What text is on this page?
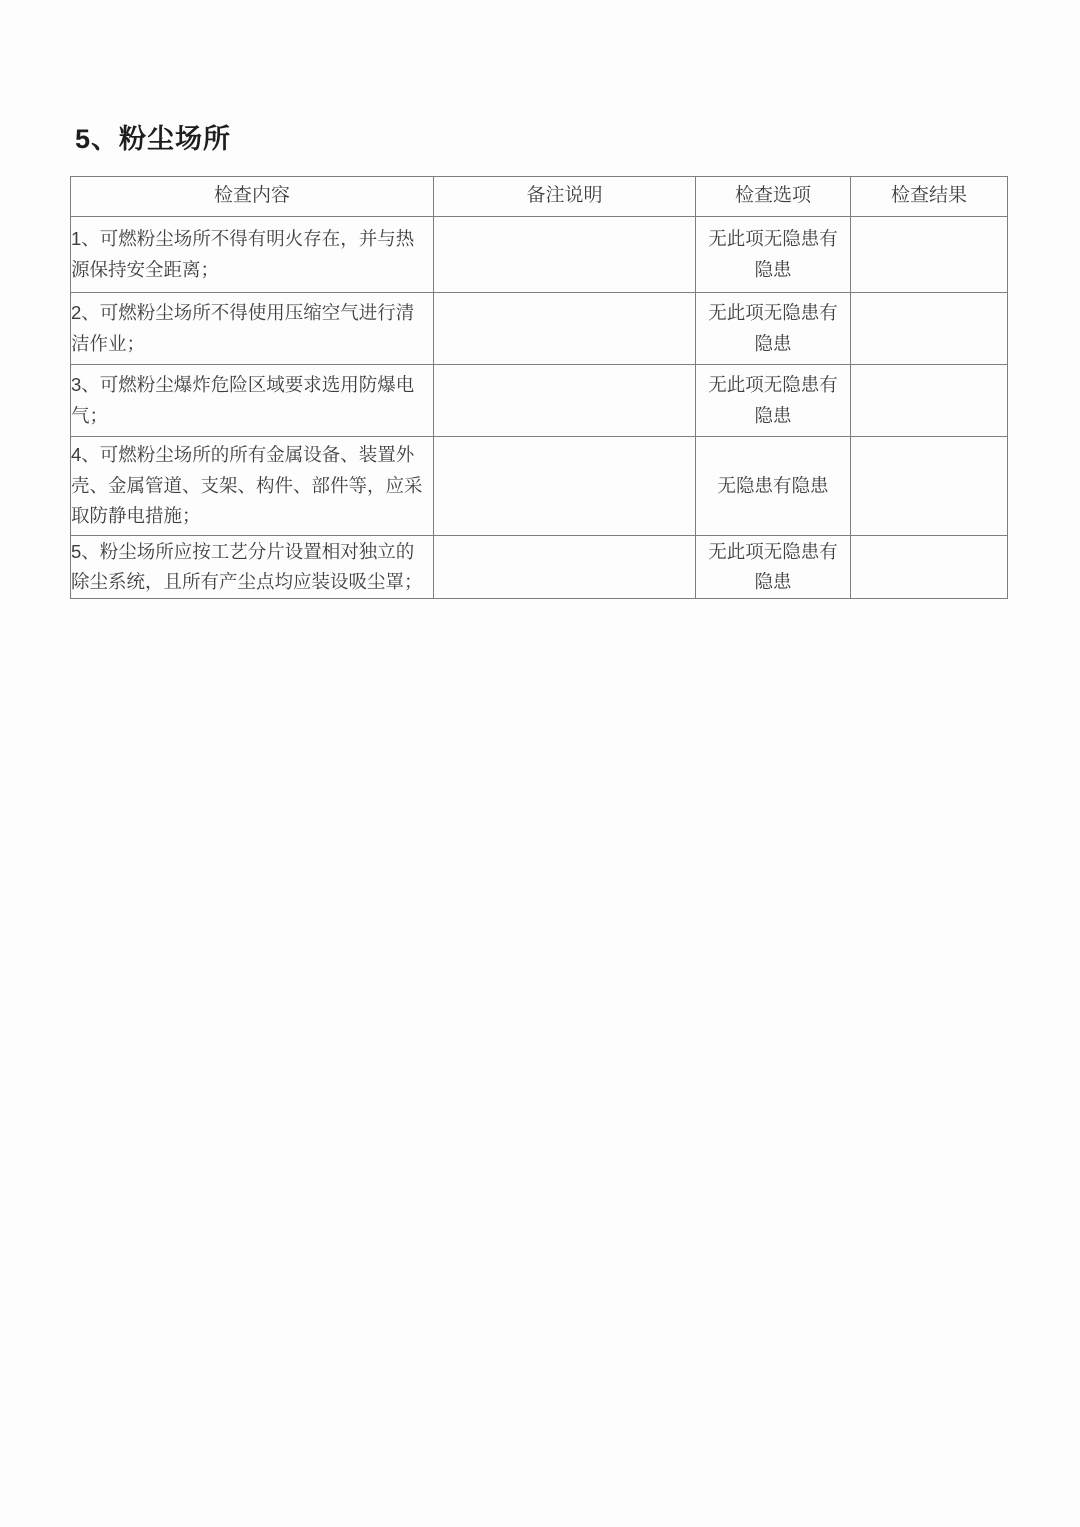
5、粉尘场所
检查内容	备注说明	检查选项	检查结果
1、可燃粉尘场所不得有明火存在，并与热
源保持安全距离；		无此项无隐患有
隐患	
2、可燃粉尘场所不得使用压缩空气进行清
洁作业；		无此项无隐患有
隐患	
3、可燃粉尘爆炸危险区域要求选用防爆电
气；		无此项无隐患有
隐患	
4、可燃粉尘场所的所有金属设备、装置外
壳、金属管道、支架、构件、部件等，应采
取防静电措施；		无隐患有隐患	
5、粉尘场所应按工艺分片设置相对独立的
除尘系统，且所有产尘点均应装设吸尘罩；		无此项无隐患有
隐患	
